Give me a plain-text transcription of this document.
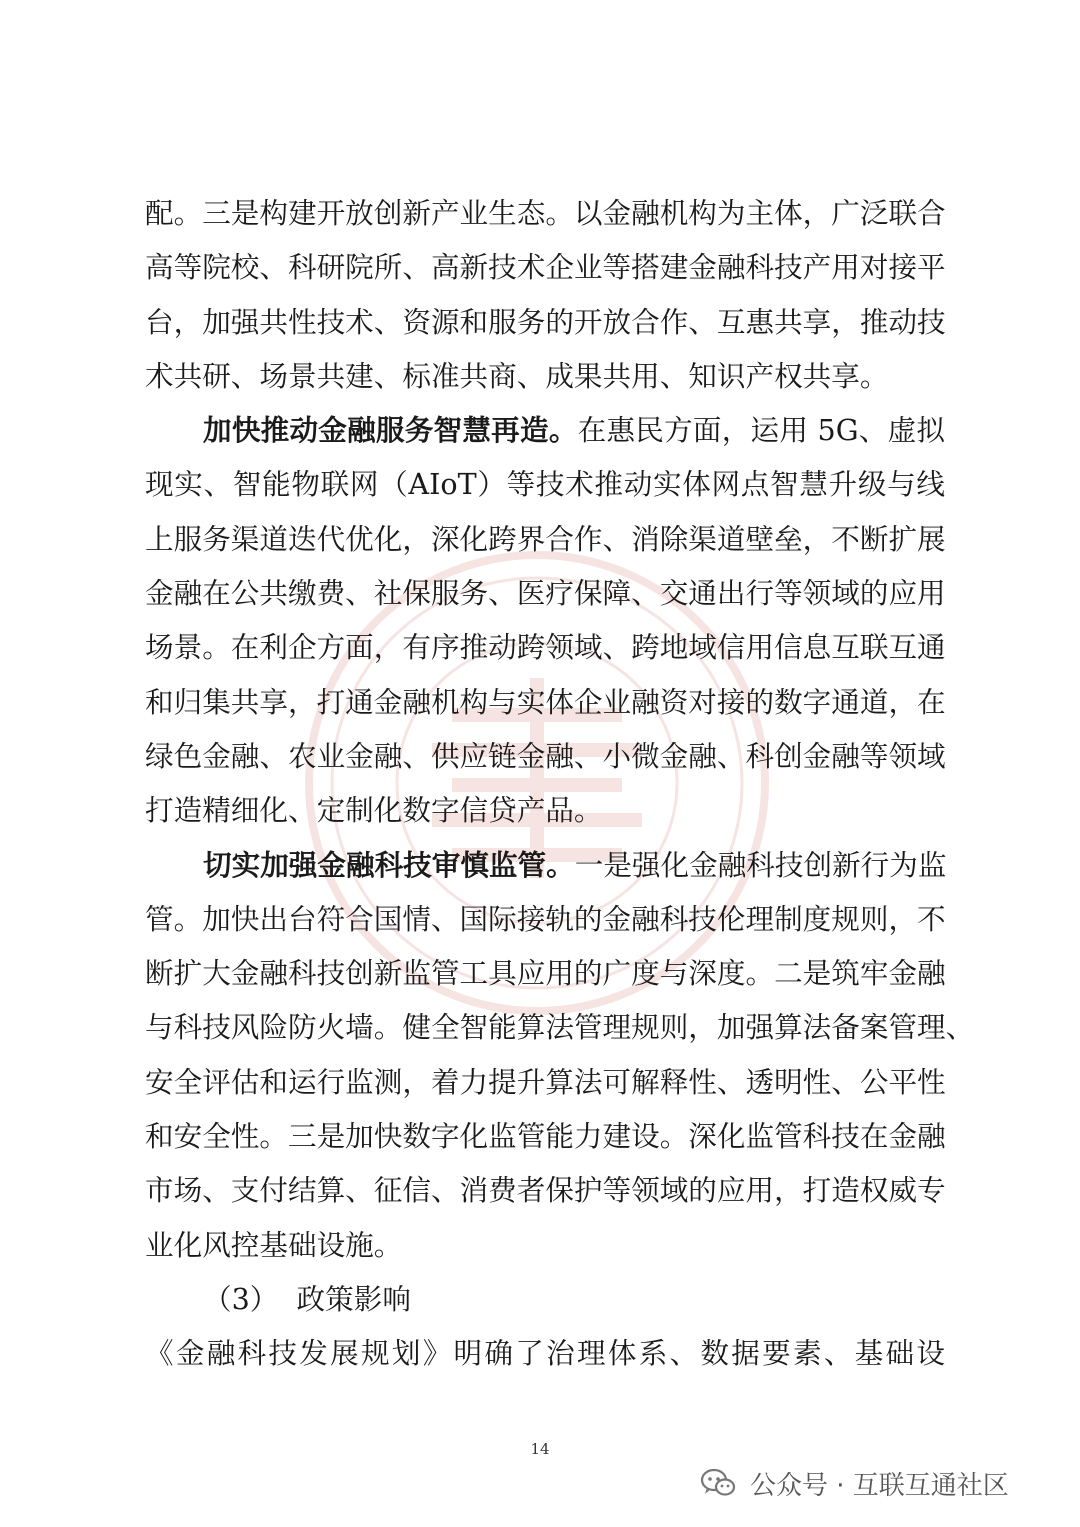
配。三是构建开放创新产业生态。以金融机构为主体，广泛联合
高等院校、科研院所、高新技术企业等搭建金融科技产用对接平
台，加强共性技术、资源和服务的开放合作、互惠共享，推动技
术共研、场景共建、标准共商、成果共用、知识产权共享。
加快推动金融服务智慧再造。在惠民方面，运用 5G、虚拟
现实、智能物联网（AIoT）等技术推动实体网点智慧升级与线
上服务渠道迭代优化，深化跨界合作、消除渠道壁垒，不断扩展
金融在公共缴费、社保服务、医疗保障、交通出行等领域的应用
场景。在利企方面，有序推动跨领域、跨地域信用信息互联互通
和归集共享，打通金融机构与实体企业融资对接的数字通道，在
绿色金融、农业金融、供应链金融、小微金融、科创金融等领域
打造精细化、定制化数字信贷产品。
切实加强金融科技审慎监管。一是强化金融科技创新行为监
管。加快出台符合国情、国际接轨的金融科技伦理制度规则，不
断扩大金融科技创新监管工具应用的广度与深度。二是筑牢金融
与科技风险防火墙。健全智能算法管理规则，加强算法备案管理、
安全评估和运行监测，着力提升算法可解释性、透明性、公平性
和安全性。三是加快数字化监管能力建设。深化监管科技在金融
市场、支付结算、征信、消费者保护等领域的应用，打造权威专
业化风控基础设施。
（3）  政策影响
《金融科技发展规划》明确了治理体系、数据要素、基础设
14
公众号 · 互联互通社区
